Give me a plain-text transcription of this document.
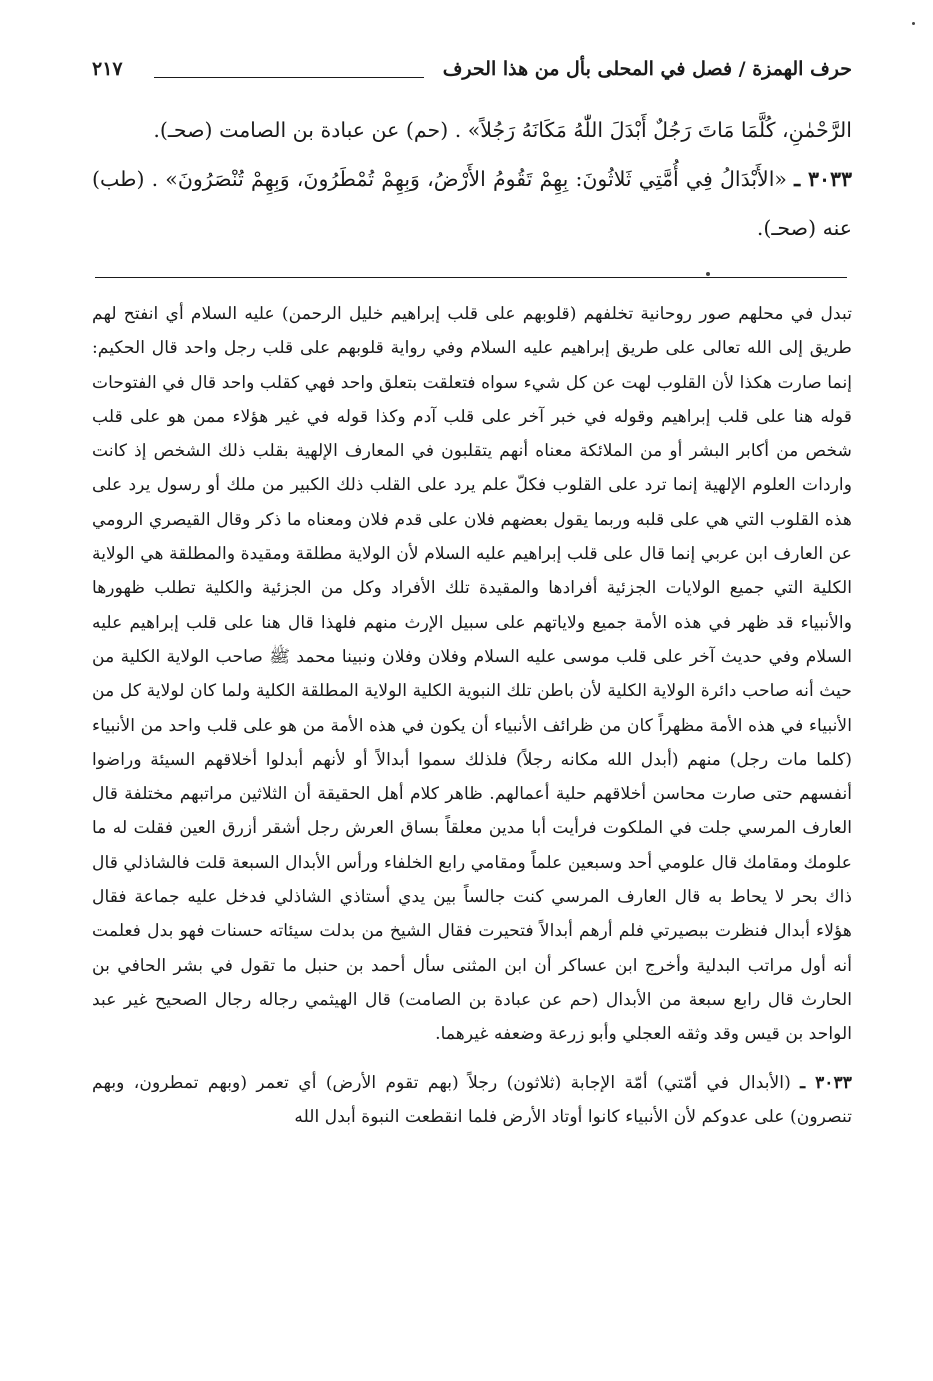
حرف الهمزة / فصل في المحلى بأل من هذا الحرف
٢١٧

الرَّحْمٰنِ، كُلَّمَا مَاتَ رَجُلٌ أَبْدَلَ اللّٰهُ مَكَانَهُ رَجُلاً» . (حم) عن عبادة بن الصامت (صحـ).

٣٠٣٣ ـ «الأَبْدَالُ فِي أُمَّتِي ثَلاثُونَ: بِهِمْ تَقُومُ الأَرْضُ، وَبِهِمْ تُمْطَرُونَ، وَبِهِمْ تُنْصَرُونَ» . (طب) عنه (صحـ).

تبدل في محلهم صور روحانية تخلفهم (قلوبهم على قلب إبراهيم خليل الرحمن) عليه السلام أي انفتح لهم طريق إلى الله تعالى على طريق إبراهيم عليه السلام وفي رواية قلوبهم على قلب رجل واحد قال الحكيم: إنما صارت هكذا لأن القلوب لهت عن كل شيء سواه فتعلقت بتعلق واحد فهي كقلب واحد قال في الفتوحات قوله هنا على قلب إبراهيم وقوله في خبر آخر على قلب آدم وكذا قوله في غير هؤلاء ممن هو على قلب شخص من أكابر البشر أو من الملائكة معناه أنهم يتقلبون في المعارف الإلهية بقلب ذلك الشخص إذ كانت واردات العلوم الإلهية إنما ترد على القلوب فكلّ علم يرد على القلب ذلك الكبير من ملك أو رسول يرد على هذه القلوب التي هي على قلبه وربما يقول بعضهم فلان على قدم فلان ومعناه ما ذكر وقال القيصري الرومي عن العارف ابن عربي إنما قال على قلب إبراهيم عليه السلام لأن الولاية مطلقة ومقيدة والمطلقة هي الولاية الكلية التي جميع الولايات الجزئية أفرادها والمقيدة تلك الأفراد وكل من الجزئية والكلية تطلب ظهورها والأنبياء قد ظهر في هذه الأمة جميع ولاياتهم على سبيل الإرث منهم فلهذا قال هنا على قلب إبراهيم عليه السلام وفي حديث آخر على قلب موسى عليه السلام وفلان وفلان ونبينا محمد ﷺ صاحب الولاية الكلية من حيث أنه صاحب دائرة الولاية الكلية لأن باطن تلك النبوية الكلية الولاية المطلقة الكلية ولما كان لولاية كل من الأنبياء في هذه الأمة مظهراً كان من ظرائف الأنبياء أن يكون في هذه الأمة من هو على قلب واحد من الأنبياء (كلما مات رجل) منهم (أبدل الله مكانه رجلاً) فلذلك سموا أبدالاً أو لأنهم أبدلوا أخلاقهم السيئة وراضوا أنفسهم حتى صارت محاسن أخلاقهم حلية أعمالهم. ظاهر كلام أهل الحقيقة أن الثلاثين مراتبهم مختلفة قال العارف المرسي جلت في الملكوت فرأيت أبا مدين معلقاً بساق العرش رجل أشقر أزرق العين فقلت له ما علومك ومقامك قال علومي أحد وسبعين علماً ومقامي رابع الخلفاء ورأس الأبدال السبعة قلت فالشاذلي قال ذاك بحر لا يحاط به قال العارف المرسي كنت جالساً بين يدي أستاذي الشاذلي فدخل عليه جماعة فقال هؤلاء أبدال فنظرت ببصيرتي فلم أرهم أبدالاً فتحيرت فقال الشيخ من بدلت سيئاته حسنات فهو بدل فعلمت أنه أول مراتب البدلية وأخرج ابن عساكر أن ابن المثنى سأل أحمد بن حنبل ما تقول في بشر الحافي بن الحارث قال رابع سبعة من الأبدال (حم عن عبادة بن الصامت) قال الهيثمي رجاله رجال الصحيح غير عبد الواحد بن قيس وقد وثقه العجلي وأبو زرعة وضعفه غيرهما.

٣٠٣٣ ـ (الأبدال في أمّتي) أمّة الإجابة (ثلاثون) رجلاً (بهم تقوم الأرض) أي تعمر (وبهم تمطرون، وبهم تنصرون) على عدوكم لأن الأنبياء كانوا أوتاد الأرض فلما انقطعت النبوة أبدل الله
